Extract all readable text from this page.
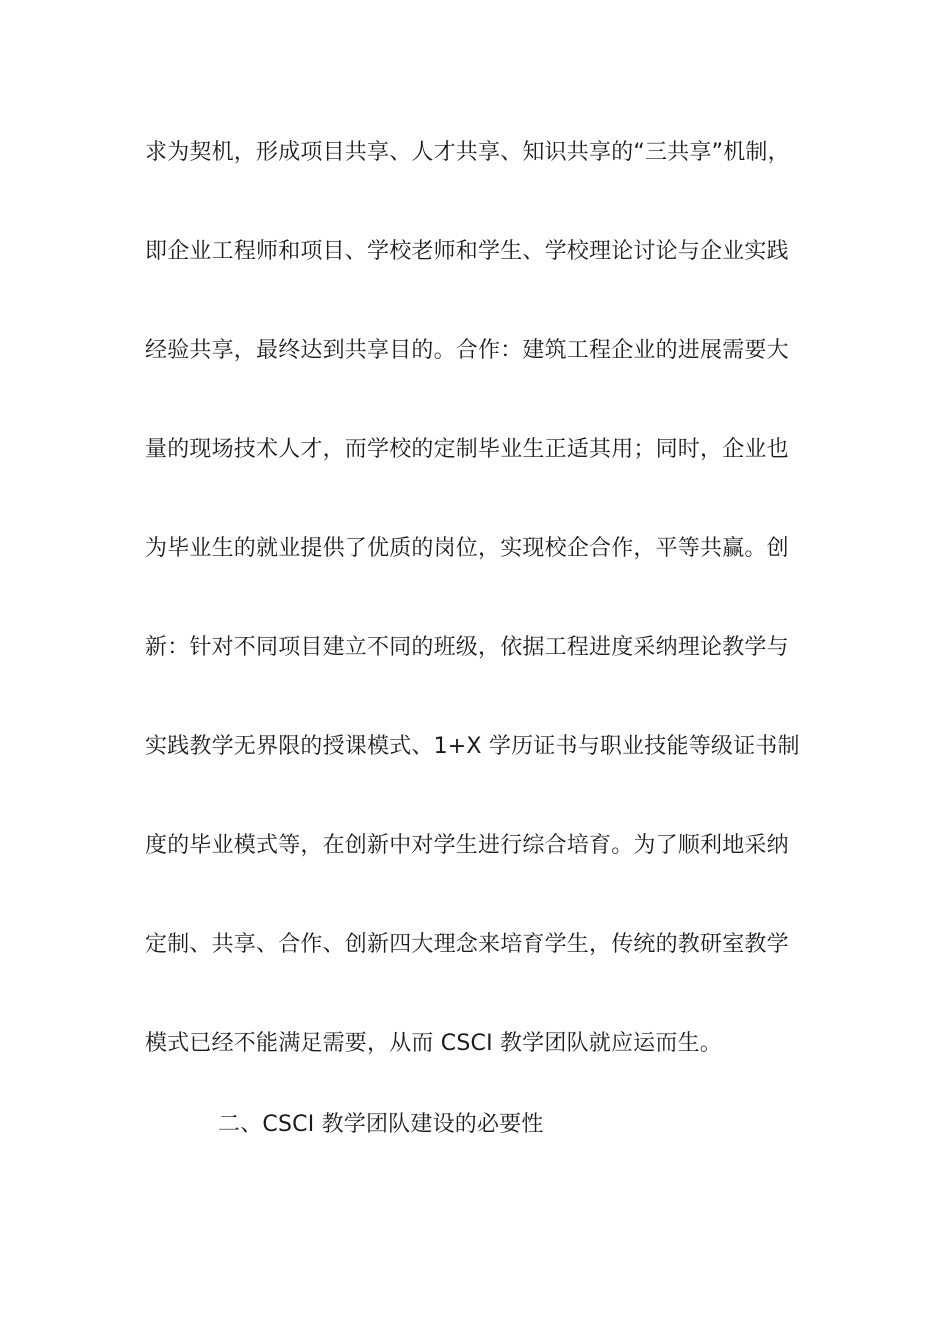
求为契机，形成项目共享、人才共享、知识共享的“三共享”机制，
即企业工程师和项目、学校老师和学生、学校理论讨论与企业实践
经验共享，最终达到共享目的。合作：建筑工程企业的进展需要大
量的现场技术人才，而学校的定制毕业生正适其用；同时，企业也
为毕业生的就业提供了优质的岗位，实现校企合作，平等共赢。创
新：针对不同项目建立不同的班级，依据工程进度采纳理论教学与
实践教学无界限的授课模式、1+X 学历证书与职业技能等级证书制
度的毕业模式等，在创新中对学生进行综合培育。为了顺利地采纳
定制、共享、合作、创新四大理念来培育学生，传统的教研室教学
模式已经不能满足需要，从而 CSCI 教学团队就应运而生。
二、CSCI 教学团队建设的必要性
